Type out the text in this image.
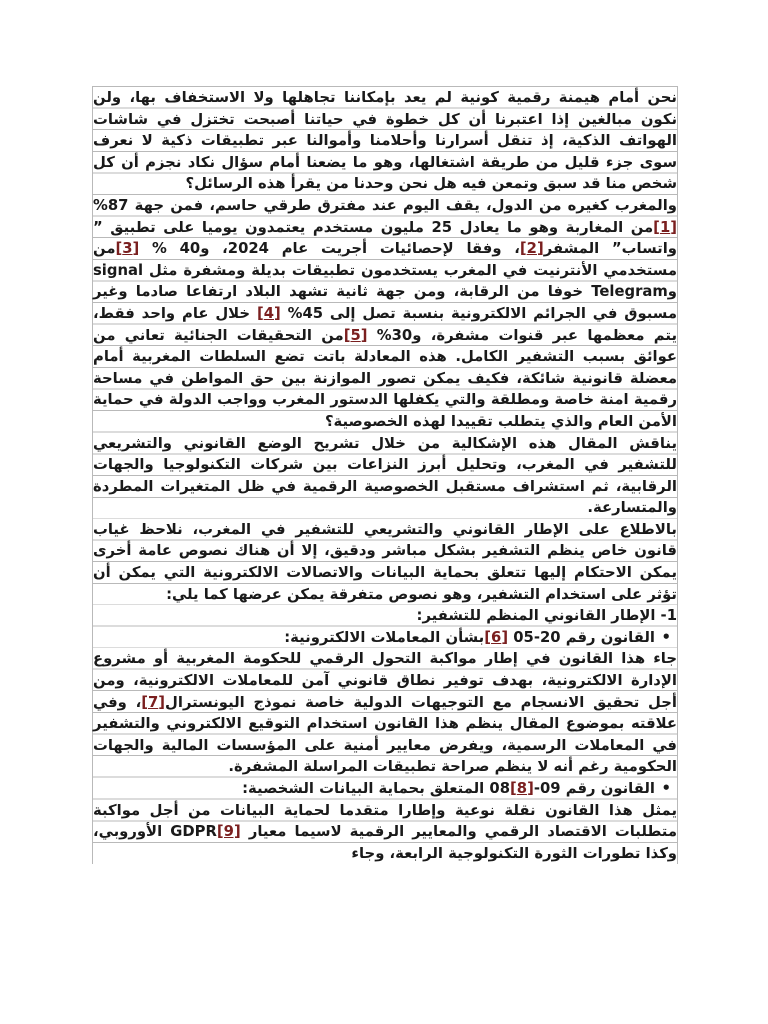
نحن أمام هيمنة رقمية كونية لم يعد بإمكاننا تجاهلها ولا الاستخفاف بها، ولن نكون مبالغين إذا اعتبرنا أن كل خطوة في حياتنا أصبحت تختزل في شاشات الهواتف الذكية، إذ تنقل أسرارنا وأحلامنا وأموالنا عبر تطبيقات ذكية لا نعرف سوى جزء قليل من طريقة اشتغالها، وهو ما يضعنا أمام سؤال نكاد نجزم أن كل شخص منا قد سبق وتمعن فيه هل نحن وحدنا من يقرأ هذه الرسائل؟

والمغرب كغيره من الدول، يقف اليوم عند مفترق طرقي حاسم، فمن جهة 87%[1]من المغاربة وهو ما يعادل 25 مليون مستخدم يعتمدون يوميا على تطبيق ” واتساب” المشفر[2]، وفقا لإحصائيات أجريت عام 2024، و40 % [3]من مستخدمي الأنترنيت في المغرب يستخدمون تطبيقات بديلة ومشفرة مثل signal وTelegram خوفا من الرقابة، ومن جهة ثانية تشهد البلاد ارتفاعا صادما وغير مسبوق في الجرائم الالكترونية بنسبة تصل إلى 45% [4] خلال عام واحد فقط، يتم معظمها عبر قنوات مشفرة، و30% [5]من التحقيقات الجنائية تعاني من عوائق بسبب التشفير الكامل. هذه المعادلة باتت تضع السلطات المغربية أمام معضلة قانونية شائكة، فكيف يمكن تصور الموازنة بين حق المواطن في مساحة رقمية امنة خاصة ومطلقة والتي يكفلها الدستور المغرب وواجب الدولة في حماية الأمن العام والذي يتطلب تقييدا لهذه الخصوصية؟

يناقش المقال هذه الإشكالية من خلال تشريح الوضع القانوني والتشريعي للتشفير في المغرب، وتحليل أبرز النزاعات بين شركات التكنولوجيا والجهات الرقابية، ثم استشراف مستقبل الخصوصية الرقمية في ظل المتغيرات المطردة والمتسارعة.

بالاطلاع على الإطار القانوني والتشريعي للتشفير في المغرب، نلاحظ غياب قانون خاص ينظم التشفير بشكل مباشر ودقيق، إلا أن هناك نصوص عامة أخرى يمكن الاحتكام إليها تتعلق بحماية البيانات والاتصالات الالكترونية التي يمكن أن تؤثر على استخدام التشفير، وهو نصوص متفرقة يمكن عرضها كما يلي:

1- الإطار القانوني المنظم للتشفير:

•
القانون رقم 20-05 [6]بشأن المعاملات الالكترونية:

جاء هذا القانون في إطار مواكبة التحول الرقمي للحكومة المغربية أو مشروع الإدارة الالكترونية، بهدف توفير نطاق قانوني آمن للمعاملات الالكترونية، ومن أجل تحقيق الانسجام مع التوجيهات الدولية خاصة نموذج اليونسترال[7]، وفي علاقته بموضوع المقال ينظم هذا القانون استخدام التوقيع الالكتروني والتشفير في المعاملات الرسمية، ويفرض معايير أمنية على المؤسسات المالية والجهات الحكومية رغم أنه لا ينظم صراحة تطبيقات المراسلة المشفرة.

•
القانون رقم 09-[8]08 المتعلق بحماية البيانات الشخصية:

يمثل هذا القانون نقلة نوعية وإطارا متقدما لحماية البيانات من أجل مواكبة متطلبات الاقتصاد الرقمي والمعايير الرقمية لاسيما معيار GDPR[9] الأوروبي، وكذا تطورات الثورة التكنولوجية الرابعة، وجاء
